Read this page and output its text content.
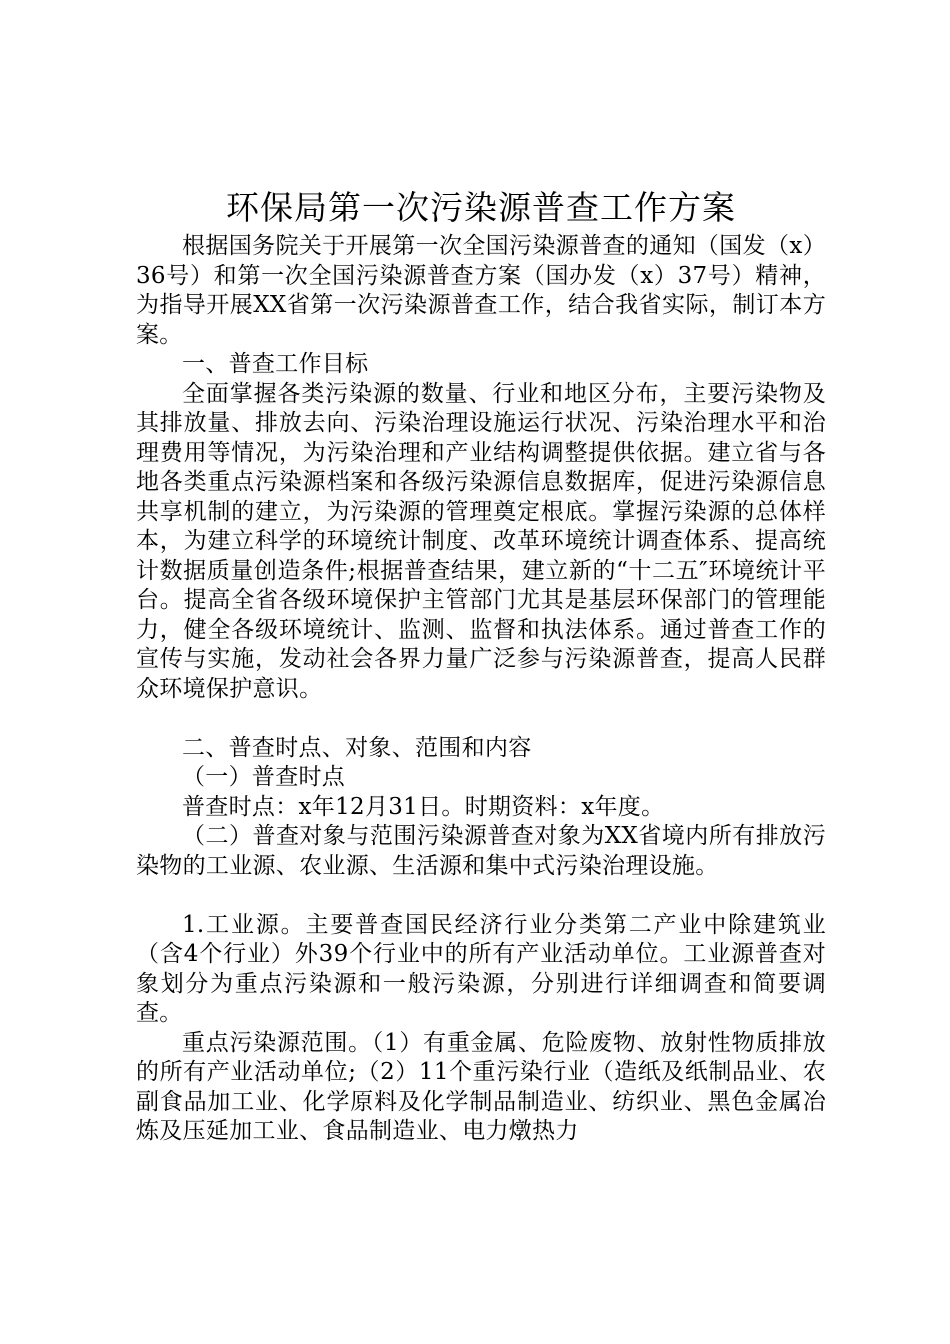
环保局第一次污染源普查工作方案

根据国务院关于开展第一次全国污染源普查的通知（国发（x）36号）和第一次全国污染源普查方案（国办发（x）37号）精神，为指导开展XX省第一次污染源普查工作，结合我省实际，制订本方案。

一、普查工作目标

全面掌握各类污染源的数量、行业和地区分布，主要污染物及其排放量、排放去向、污染治理设施运行状况、污染治理水平和治理费用等情况，为污染治理和产业结构调整提供依据。建立省与各地各类重点污染源档案和各级污染源信息数据库，促进污染源信息共享机制的建立，为污染源的管理奠定根底。掌握污染源的总体样本，为建立科学的环境统计制度、改革环境统计调查体系、提高统计数据质量创造条件;根据普查结果，建立新的“十二五″环境统计平台。提高全省各级环境保护主管部门尤其是基层环保部门的管理能力，健全各级环境统计、监测、监督和执法体系。通过普查工作的宣传与实施，发动社会各界力量广泛参与污染源普查，提高人民群众环境保护意识。

二、普查时点、对象、范围和内容

（一）普查时点

普查时点：x年12月31日。时期资料：x年度。

（二）普查对象与范围污染源普查对象为XX省境内所有排放污染物的工业源、农业源、生活源和集中式污染治理设施。

1.工业源。主要普查国民经济行业分类第二产业中除建筑业（含4个行业）外39个行业中的所有产业活动单位。工业源普查对象划分为重点污染源和一般污染源，分别进行详细调查和简要调查。

重点污染源范围。（1）有重金属、危险废物、放射性物质排放的所有产业活动单位;（2）11个重污染行业（造纸及纸制品业、农副食品加工业、化学原料及化学制品制造业、纺织业、黑色金属冶炼及压延加工业、食品制造业、电力燉热力
